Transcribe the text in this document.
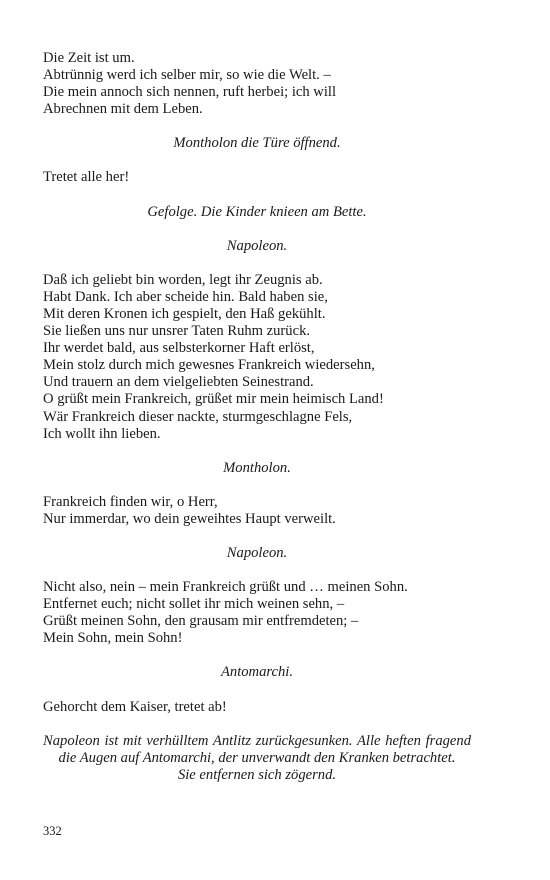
Die Zeit ist um.
Abtrünnig werd ich selber mir, so wie die Welt. –
Die mein annoch sich nennen, ruft herbei; ich will
Abrechnen mit dem Leben.
Montholon die Türe öffnend.
Tretet alle her!
Gefolge. Die Kinder knieen am Bette.
Napoleon.
Daß ich geliebt bin worden, legt ihr Zeugnis ab.
Habt Dank. Ich aber scheide hin. Bald haben sie,
Mit deren Kronen ich gespielt, den Haß gekühlt.
Sie ließen uns nur unsrer Taten Ruhm zurück.
Ihr werdet bald, aus selbsterkorner Haft erlöst,
Mein stolz durch mich gewesnes Frankreich wiedersehn,
Und trauern an dem vielgeliebten Seinestrand.
O grüßt mein Frankreich, grüßet mir mein heimisch Land!
Wär Frankreich dieser nackte, sturmgeschlagne Fels,
Ich wollt ihn lieben.
Montholon.
Frankreich finden wir, o Herr,
Nur immerdar, wo dein geweihtes Haupt verweilt.
Napoleon.
Nicht also, nein – mein Frankreich grüßt und … meinen Sohn.
Entfernet euch; nicht sollet ihr mich weinen sehn, –
Grüßt meinen Sohn, den grausam mir entfremdeten; –
Mein Sohn, mein Sohn!
Antomarchi.
Gehorcht dem Kaiser, tretet ab!
Napoleon ist mit verhülltem Antlitz zurückgesunken. Alle heften fragend
die Augen auf Antomarchi, der unverwandt den Kranken betrachtet.
Sie entfernen sich zögernd.
332
